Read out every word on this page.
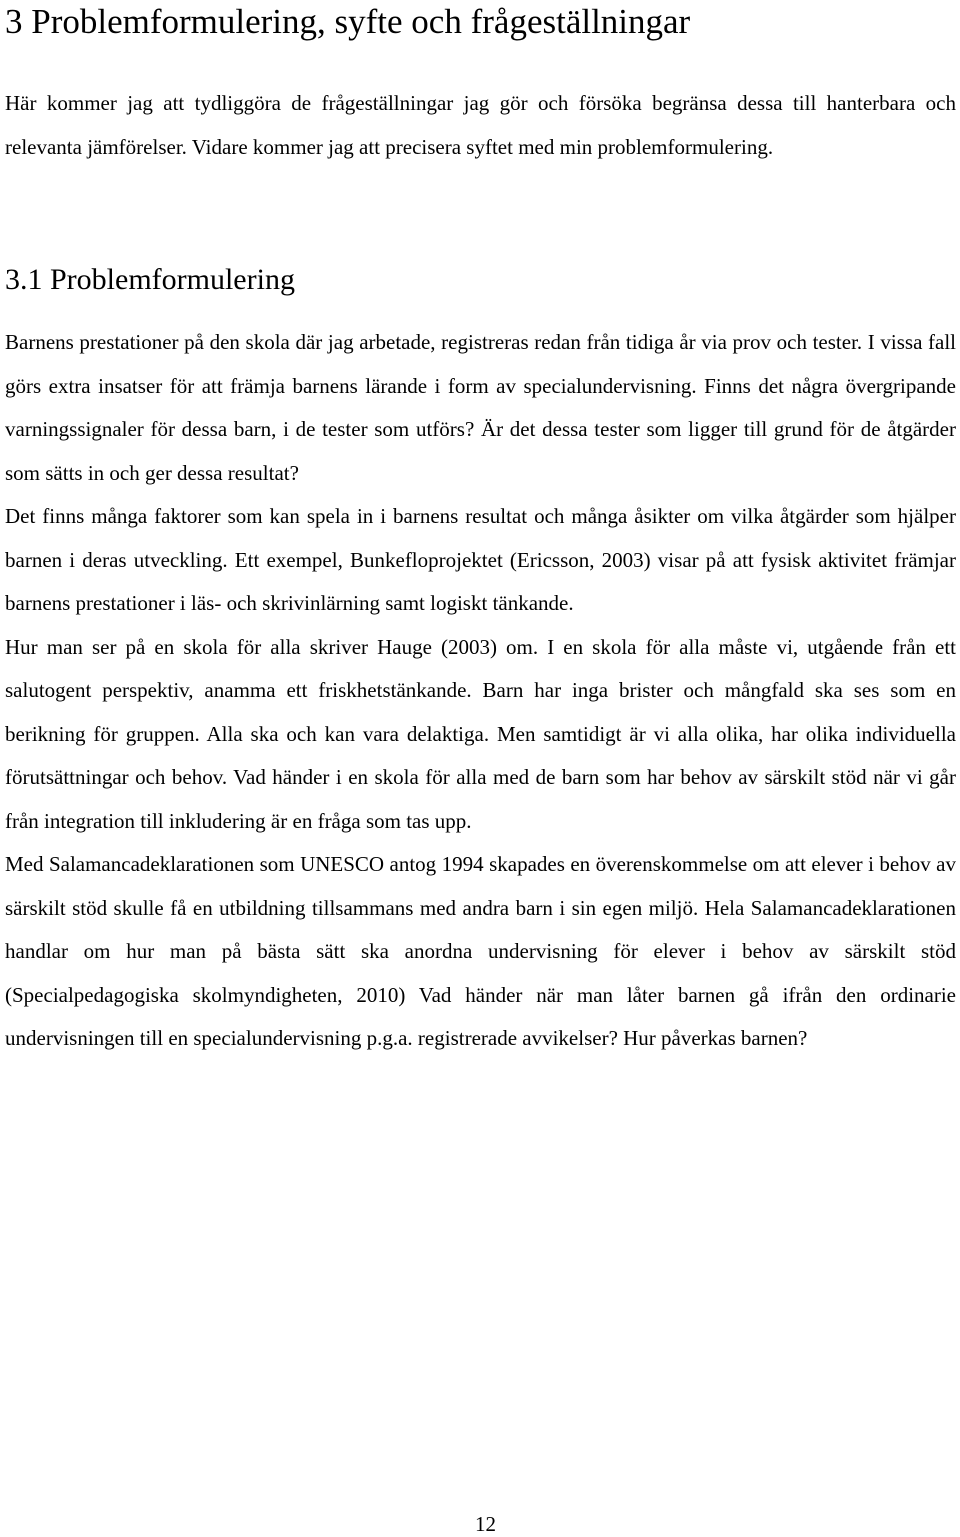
3 Problemformulering, syfte och frågeställningar

Här kommer jag att tydliggöra de frågeställningar jag gör och försöka begränsa dessa till hanterbara och relevanta jämförelser. Vidare kommer jag att precisera syftet med min problemformulering.

3.1 Problemformulering

Barnens prestationer på den skola där jag arbetade, registreras redan från tidiga år via prov och tester. I vissa fall görs extra insatser för att främja barnens lärande i form av specialundervisning. Finns det några övergripande varningssignaler för dessa barn, i de tester som utförs? Är det dessa tester som ligger till grund för de åtgärder som sätts in och ger dessa resultat?

Det finns många faktorer som kan spela in i barnens resultat och många åsikter om vilka åtgärder som hjälper barnen i deras utveckling. Ett exempel, Bunkefloprojektet (Ericsson, 2003) visar på att fysisk aktivitet främjar barnens prestationer i läs- och skrivinlärning samt logiskt tänkande.

Hur man ser på en skola för alla skriver Hauge (2003) om. I en skola för alla måste vi, utgående från ett salutogent perspektiv, anamma ett friskhetstänkande. Barn har inga brister och mångfald ska ses som en berikning för gruppen. Alla ska och kan vara delaktiga. Men samtidigt är vi alla olika, har olika individuella förutsättningar och behov. Vad händer i en skola för alla med de barn som har behov av särskilt stöd när vi går från integration till inkludering är en fråga som tas upp.

Med Salamancadeklarationen som UNESCO antog 1994 skapades en överenskommelse om att elever i behov av särskilt stöd skulle få en utbildning tillsammans med andra barn i sin egen miljö. Hela Salamancadeklarationen handlar om hur man på bästa sätt ska anordna undervisning för elever i behov av särskilt stöd (Specialpedagogiska skolmyndigheten, 2010) Vad händer när man låter barnen gå ifrån den ordinarie undervisningen till en specialundervisning p.g.a. registrerade avvikelser? Hur påverkas barnen?

12
